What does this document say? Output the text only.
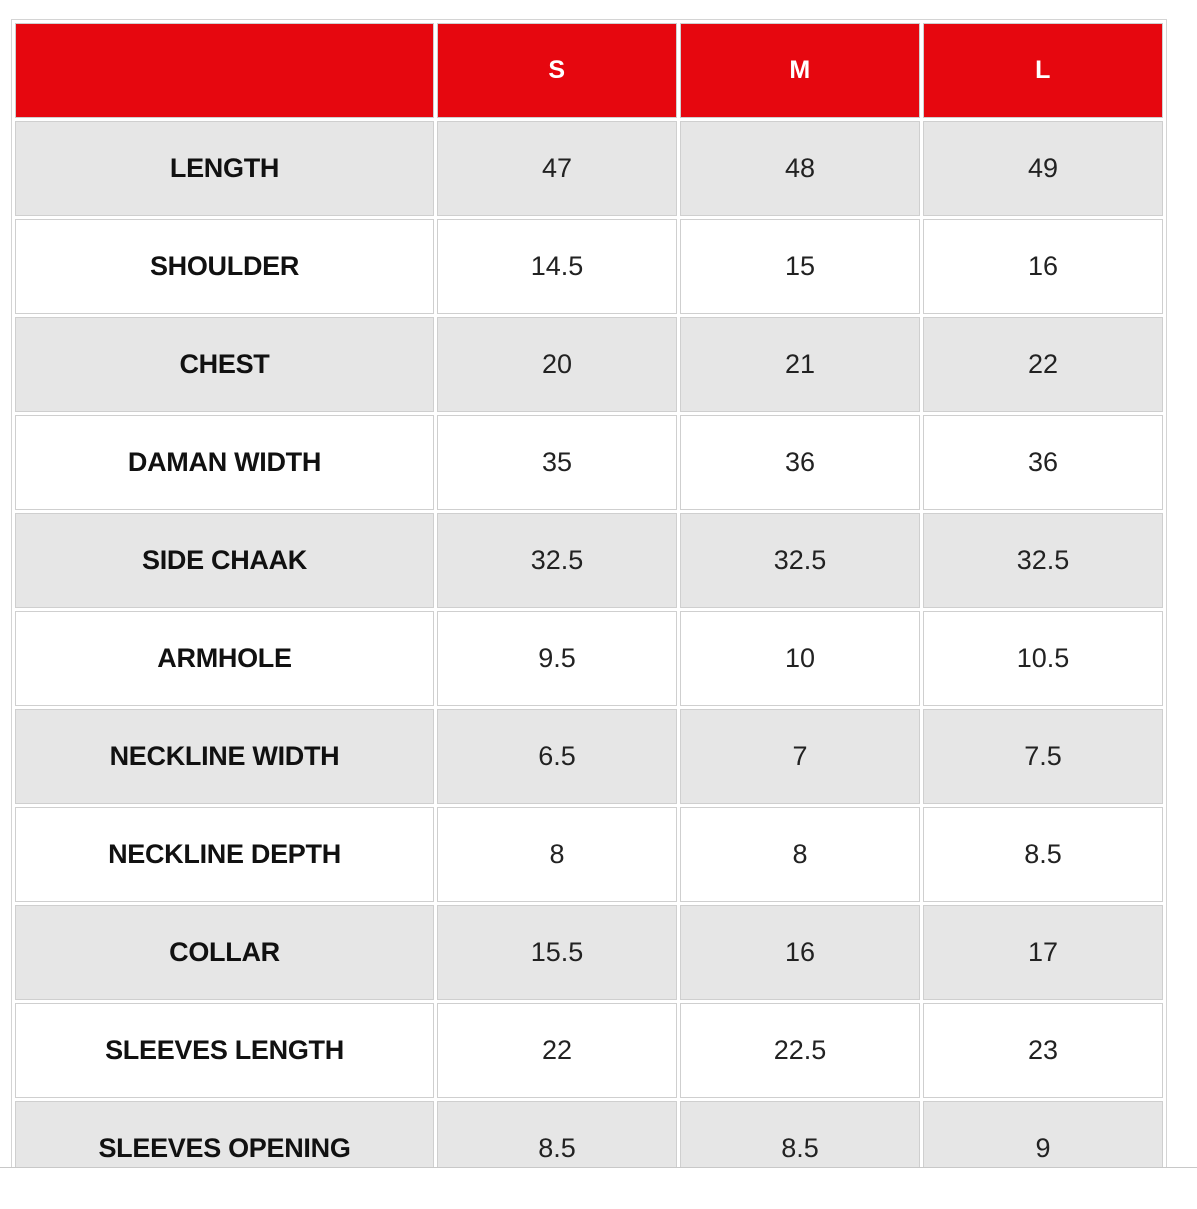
	S	M	L
LENGTH	47	48	49
SHOULDER	14.5	15	16
CHEST	20	21	22
DAMAN WIDTH	35	36	36
SIDE CHAAK	32.5	32.5	32.5
ARMHOLE	9.5	10	10.5
NECKLINE WIDTH	6.5	7	7.5
NECKLINE DEPTH	8	8	8.5
COLLAR	15.5	16	17
SLEEVES LENGTH	22	22.5	23
SLEEVES OPENING	8.5	8.5	9
